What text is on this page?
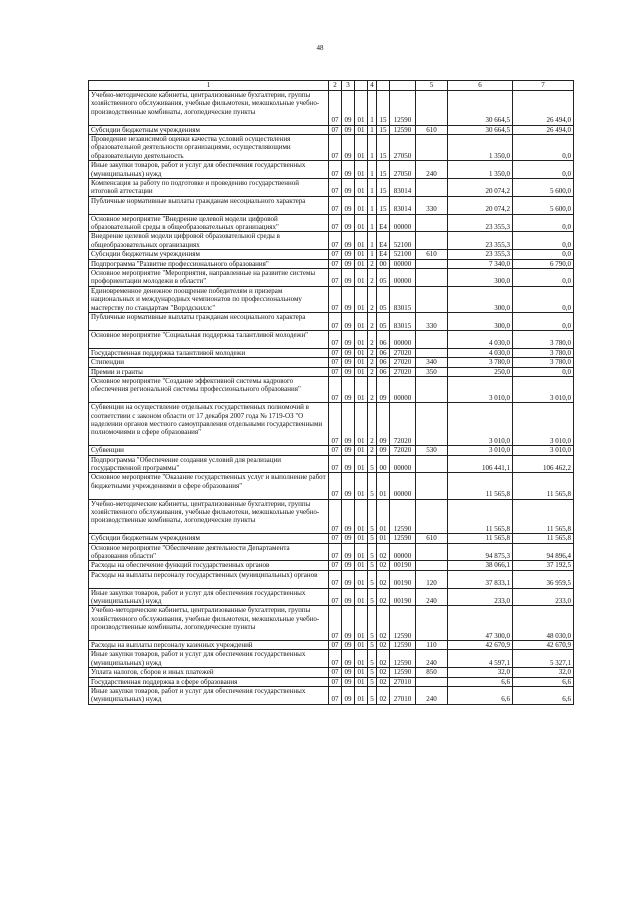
48
1	2	3		4			5	6	7
Учебно-методические кабинеты, централизованные бухгалтерии, группы хозяйственного обслуживания, учебные фильмотеки, межшкольные учебно-производственные комбинаты, логопедические пункты	07	09	01	1	15	12590		30 664,5	26 494,0
Субсидии бюджетным учреждениям	07	09	01	1	15	12590	610	30 664,5	26 494,0
Проведение независимой оценки качества условий осуществления образовательной деятельности организациями, осуществляющими образовательную деятельность	07	09	01	1	15	27050		1 350,0	0,0
Иные закупки товаров, работ и услуг для обеспечения государственных (муниципальных) нужд	07	09	01	1	15	27050	240	1 350,0	0,0
Компенсация за работу по подготовке и проведению государственной итоговой аттестации	07	09	01	1	15	83014		20 074,2	5 600,0
Публичные нормативные выплаты гражданам несоциального характера	07	09	01	1	15	83014	330	20 074,2	5 600,0
Основное мероприятие "Внедрение целевой модели цифровой образовательной среды в общеобразовательных организациях"	07	09	01	1	E4	00000		23 355,3	0,0
Внедрение целевой модели цифровой образовательной среды в общеобразовательных организациях	07	09	01	1	E4	52100		23 355,3	0,0
Субсидии бюджетным учреждениям	07	09	01	1	E4	52100	610	23 355,3	0,0
Подпрограмма "Развитие профессионального образования"	07	09	01	2	00	00000		7 340,0	6 790,0
Основное мероприятие "Мероприятия, направленные на развитие системы профориентации молодежи в области"	07	09	01	2	05	00000		300,0	0,0
Единовременное денежное поощрение победителям и призерам национальных и международных чемпионатов по профессиональному мастерству по стандартам "Ворлдскиллс"	07	09	01	2	05	83015		300,0	0,0
Публичные нормативные выплаты гражданам несоциального характера	07	09	01	2	05	83015	330	300,0	0,0
Основное мероприятие "Социальная поддержка талантливой молодежи"	07	09	01	2	06	00000		4 030,0	3 780,0
Государственная поддержка талантливой молодежи	07	09	01	2	06	27020		4 030,0	3 780,0
Стипендии	07	09	01	2	06	27020	340	3 780,0	3 780,0
Премии и гранты	07	09	01	2	06	27020	350	250,0	0,0
Основное мероприятие "Создание эффективной системы кадрового обеспечения региональной системы профессионального образования"	07	09	01	2	09	00000		3 010,0	3 010,0
Субвенции на осуществление отдельных государственных полномочий в соответствии с законом области от 17 декабря 2007 года № 1719-ОЗ "О наделении органов местного самоуправления отдельными государственными полномочиями в сфере образования"	07	09	01	2	09	72020		3 010,0	3 010,0
Субвенции	07	09	01	2	09	72020	530	3 010,0	3 010,0
Подпрограмма "Обеспечение создания условий для реализации государственной программы"	07	09	01	5	00	00000		106 441,1	106 462,2
Основное мероприятие "Оказание государственных услуг и выполнение работ бюджетными учреждениями в сфере образования"	07	09	01	5	01	00000		11 565,8	11 565,8
Учебно-методические кабинеты, централизованные бухгалтерии, группы хозяйственного обслуживания, учебные фильмотеки, межшкольные учебно-производственные комбинаты, логопедические пункты	07	09	01	5	01	12590		11 565,8	11 565,8
Субсидии бюджетным учреждениям	07	09	01	5	01	12590	610	11 565,8	11 565,8
Основное мероприятие "Обеспечение деятельности Департамента образования области"	07	09	01	5	02	00000		94 875,3	94 896,4
Расходы на обеспечение функций государственных органов	07	09	01	5	02	00190		38 066,1	37 192,5
Расходы на выплаты персоналу государственных (муниципальных) органов	07	09	01	5	02	00190	120	37 833,1	36 959,5
Иные закупки товаров, работ и услуг для обеспечения государственных (муниципальных) нужд	07	09	01	5	02	00190	240	233,0	233,0
Учебно-методические кабинеты, централизованные бухгалтерии, группы хозяйственного обслуживания, учебные фильмотеки, межшкольные учебно-производственные комбинаты, логопедические пункты	07	09	01	5	02	12590		47 300,0	48 030,0
Расходы на выплаты персоналу казенных учреждений	07	09	01	5	02	12590	110	42 670,9	42 670,9
Иные закупки товаров, работ и услуг для обеспечения государственных (муниципальных) нужд	07	09	01	5	02	12590	240	4 597,1	5 327,1
Уплата налогов, сборов и иных платежей	07	09	01	5	02	12590	850	32,0	32,0
Государственная поддержка в сфере образования	07	09	01	5	02	27010		6,6	6,6
Иные закупки товаров, работ и услуг для обеспечения государственных (муниципальных) нужд	07	09	01	5	02	27010	240	6,6	6,6
